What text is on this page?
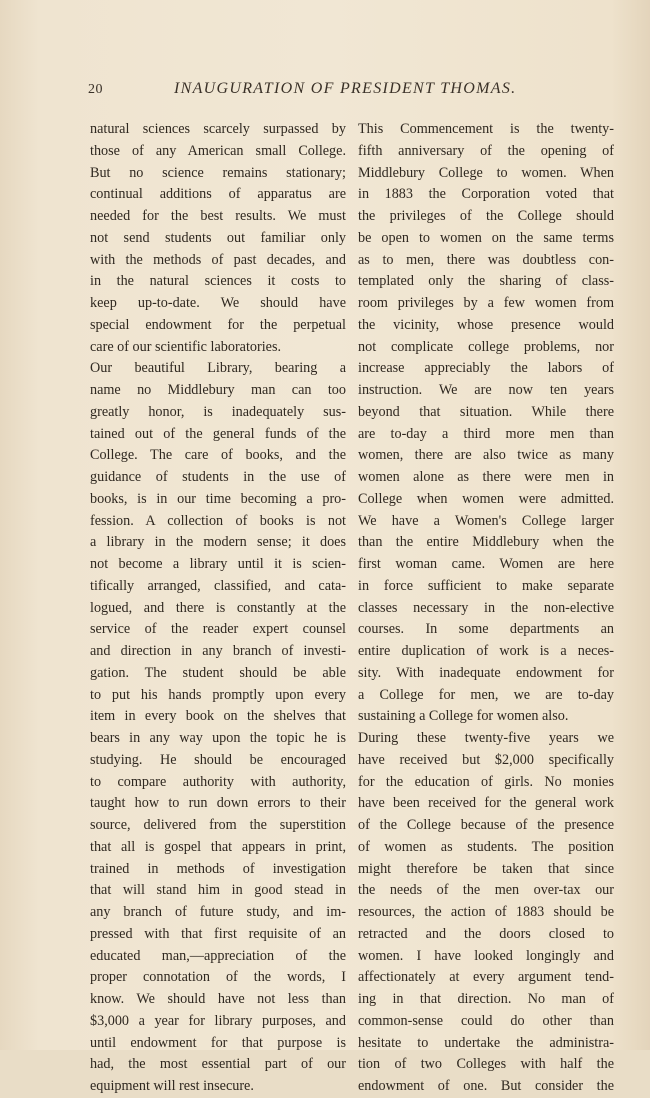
20	INAUGURATION OF PRESIDENT THOMAS.
natural sciences scarcely surpassed by
those of any American small College.
But no science remains stationary;
continual additions of apparatus are
needed for the best results. We must
not send students out familiar only
with the methods of past decades, and
in the natural sciences it costs to
keep up-to-date. We should have
special endowment for the perpetual
care of our scientific laboratories.
Our beautiful Library, bearing a
name no Middlebury man can too
greatly honor, is inadequately sus-
tained out of the general funds of the
College. The care of books, and the
guidance of students in the use of
books, is in our time becoming a pro-
fession. A collection of books is not
a library in the modern sense; it does
not become a library until it is scien-
tifically arranged, classified, and cata-
logued, and there is constantly at the
service of the reader expert counsel
and direction in any branch of investi-
gation. The student should be able
to put his hands promptly upon every
item in every book on the shelves that
bears in any way upon the topic he is
studying. He should be encouraged
to compare authority with authority,
taught how to run down errors to their
source, delivered from the superstition
that all is gospel that appears in print,
trained in methods of investigation
that will stand him in good stead in
any branch of future study, and im-
pressed with that first requisite of an
educated man,—appreciation of the
proper connotation of the words, I
know. We should have not less than
$3,000 a year for library purposes, and
until endowment for that purpose is
had, the most essential part of our
equipment will rest insecure.
This Commencement is the twenty-
fifth anniversary of the opening of
Middlebury College to women. When
in 1883 the Corporation voted that
the privileges of the College should
be open to women on the same terms
as to men, there was doubtless con-
templated only the sharing of class-
room privileges by a few women from
the vicinity, whose presence would
not complicate college problems, nor
increase appreciably the labors of
instruction. We are now ten years
beyond that situation. While there
are to-day a third more men than
women, there are also twice as many
women alone as there were men in
College when women were admitted.
We have a Women's College larger
than the entire Middlebury when the
first woman came. Women are here
in force sufficient to make separate
classes necessary in the non-elective
courses. In some departments an
entire duplication of work is a neces-
sity. With inadequate endowment for
a College for men, we are to-day
sustaining a College for women also.
During these twenty-five years we
have received but $2,000 specifically
for the education of girls. No monies
have been received for the general work
of the College because of the presence
of women as students. The position
might therefore be taken that since
the needs of the men over-tax our
resources, the action of 1883 should be
retracted and the doors closed to
women. I have looked longingly and
affectionately at every argument tend-
ing in that direction. No man of
common-sense could do other than
hesitate to undertake the administra-
tion of two Colleges with half the
endowment of one. But consider the
